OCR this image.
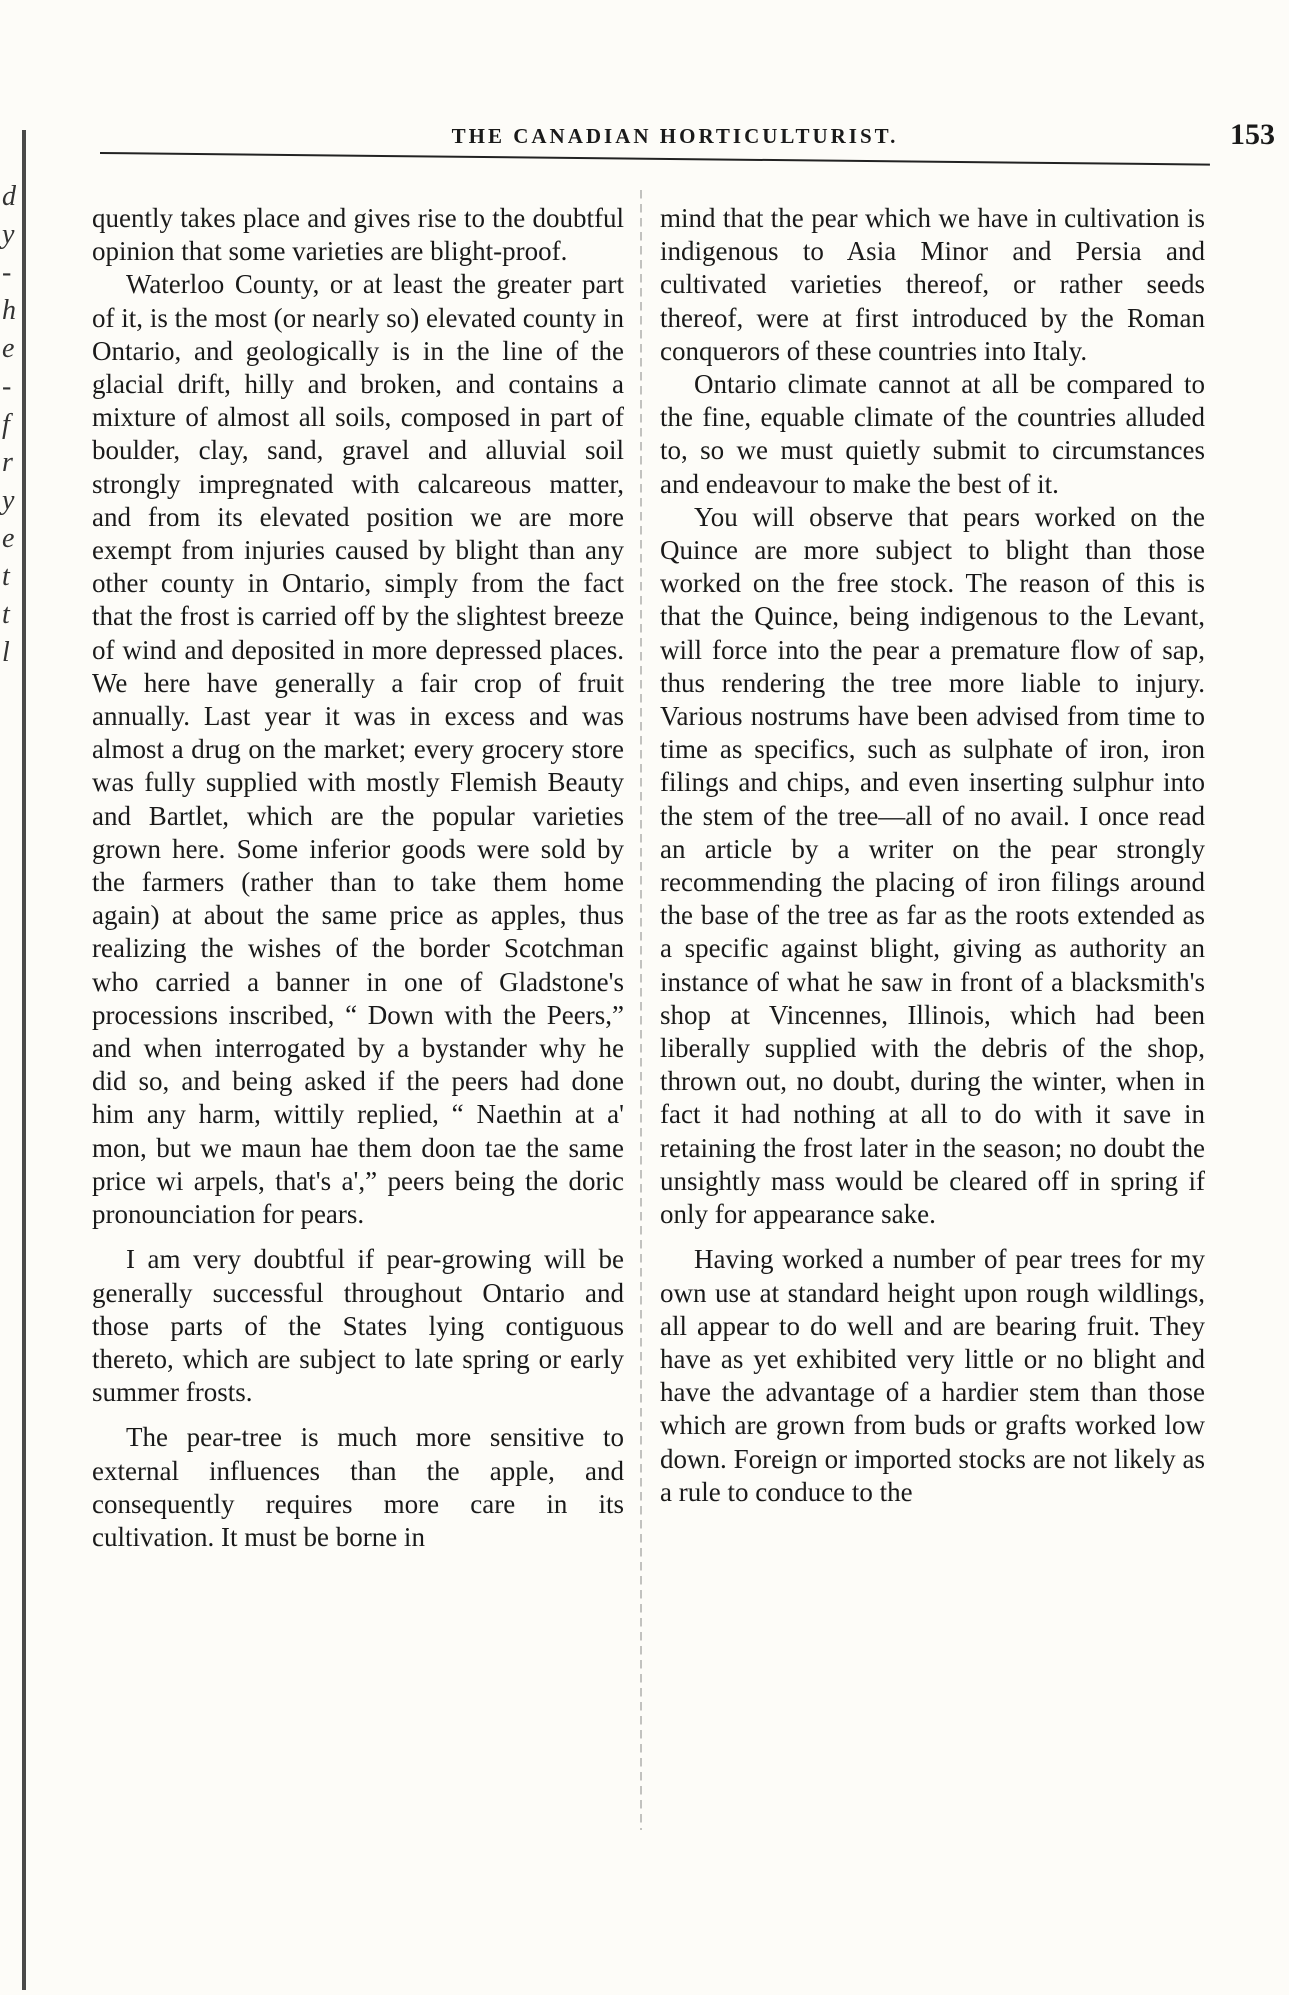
d
y
-
h
e
-
f
r
y
e
t
t
l
THE CANADIAN HORTICULTURIST.	153

quently takes place and gives rise to the doubtful opinion that some varieties are blight-proof.

Waterloo County, or at least the greater part of it, is the most (or nearly so) elevated county in Ontario, and geologically is in the line of the glacial drift, hilly and broken, and contains a mixture of almost all soils, composed in part of boulder, clay, sand, gravel and alluvial soil strongly impregnated with calcareous matter, and from its elevated position we are more exempt from injuries caused by blight than any other county in Ontario, simply from the fact that the frost is carried off by the slightest breeze of wind and deposited in more depressed places. We here have generally a fair crop of fruit annually. Last year it was in excess and was almost a drug on the market; every grocery store was fully supplied with mostly Flemish Beauty and Bartlet, which are the popular varieties grown here. Some inferior goods were sold by the farmers (rather than to take them home again) at about the same price as apples, thus realizing the wishes of the border Scotchman who carried a banner in one of Gladstone's processions inscribed, “ Down with the Peers,” and when interrogated by a bystander why he did so, and being asked if the peers had done him any harm, wittily replied, “ Naethin at a' mon, but we maun hae them doon tae the same price wi arpels, that's a',” peers being the doric pronounciation for pears.

I am very doubtful if pear-growing will be generally successful throughout Ontario and those parts of the States lying contiguous thereto, which are subject to late spring or early summer frosts.

The pear-tree is much more sensitive to external influences than the apple, and consequently requires more care in its cultivation. It must be borne in

mind that the pear which we have in cultivation is indigenous to Asia Minor and Persia and cultivated varieties thereof, or rather seeds thereof, were at first introduced by the Roman conquerors of these countries into Italy.

Ontario climate cannot at all be compared to the fine, equable climate of the countries alluded to, so we must quietly submit to circumstances and endeavour to make the best of it.

You will observe that pears worked on the Quince are more subject to blight than those worked on the free stock. The reason of this is that the Quince, being indigenous to the Levant, will force into the pear a premature flow of sap, thus rendering the tree more liable to injury. Various nostrums have been advised from time to time as specifics, such as sulphate of iron, iron filings and chips, and even inserting sulphur into the stem of the tree—all of no avail. I once read an article by a writer on the pear strongly recommending the placing of iron filings around the base of the tree as far as the roots extended as a specific against blight, giving as authority an instance of what he saw in front of a blacksmith's shop at Vincennes, Illinois, which had been liberally supplied with the debris of the shop, thrown out, no doubt, during the winter, when in fact it had nothing at all to do with it save in retaining the frost later in the season; no doubt the unsightly mass would be cleared off in spring if only for appearance sake.

Having worked a number of pear trees for my own use at standard height upon rough wildlings, all appear to do well and are bearing fruit. They have as yet exhibited very little or no blight and have the advantage of a hardier stem than those which are grown from buds or grafts worked low down. Foreign or imported stocks are not likely as a rule to conduce to the
